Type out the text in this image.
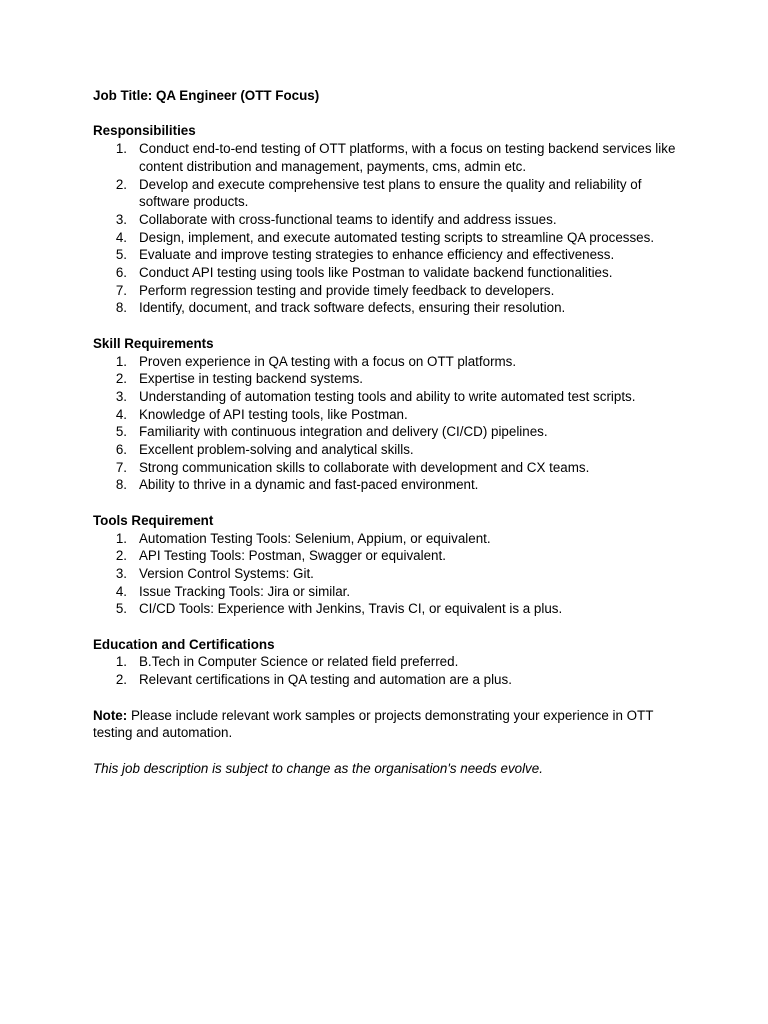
Job Title: QA Engineer (OTT Focus)

Responsibilities

1. Conduct end-to-end testing of OTT platforms, with a focus on testing backend services like content distribution and management, payments, cms, admin etc.
2. Develop and execute comprehensive test plans to ensure the quality and reliability of software products.
3. Collaborate with cross-functional teams to identify and address issues.
4. Design, implement, and execute automated testing scripts to streamline QA processes.
5. Evaluate and improve testing strategies to enhance efficiency and effectiveness.
6. Conduct API testing using tools like Postman to validate backend functionalities.
7. Perform regression testing and provide timely feedback to developers.
8. Identify, document, and track software defects, ensuring their resolution.

Skill Requirements

1. Proven experience in QA testing with a focus on OTT platforms.
2. Expertise in testing backend systems.
3. Understanding of automation testing tools and ability to write automated test scripts.
4. Knowledge of API testing tools, like Postman.
5. Familiarity with continuous integration and delivery (CI/CD) pipelines.
6. Excellent problem-solving and analytical skills.
7. Strong communication skills to collaborate with development and CX teams.
8. Ability to thrive in a dynamic and fast-paced environment.

Tools Requirement

1. Automation Testing Tools: Selenium, Appium, or equivalent.
2. API Testing Tools: Postman, Swagger or equivalent.
3. Version Control Systems: Git.
4. Issue Tracking Tools: Jira or similar.
5. CI/CD Tools: Experience with Jenkins, Travis CI, or equivalent is a plus.

Education and Certifications

1. B.Tech in Computer Science or related field preferred.
2. Relevant certifications in QA testing and automation are a plus.

Note: Please include relevant work samples or projects demonstrating your experience in OTT testing and automation.

This job description is subject to change as the organisation's needs evolve.
